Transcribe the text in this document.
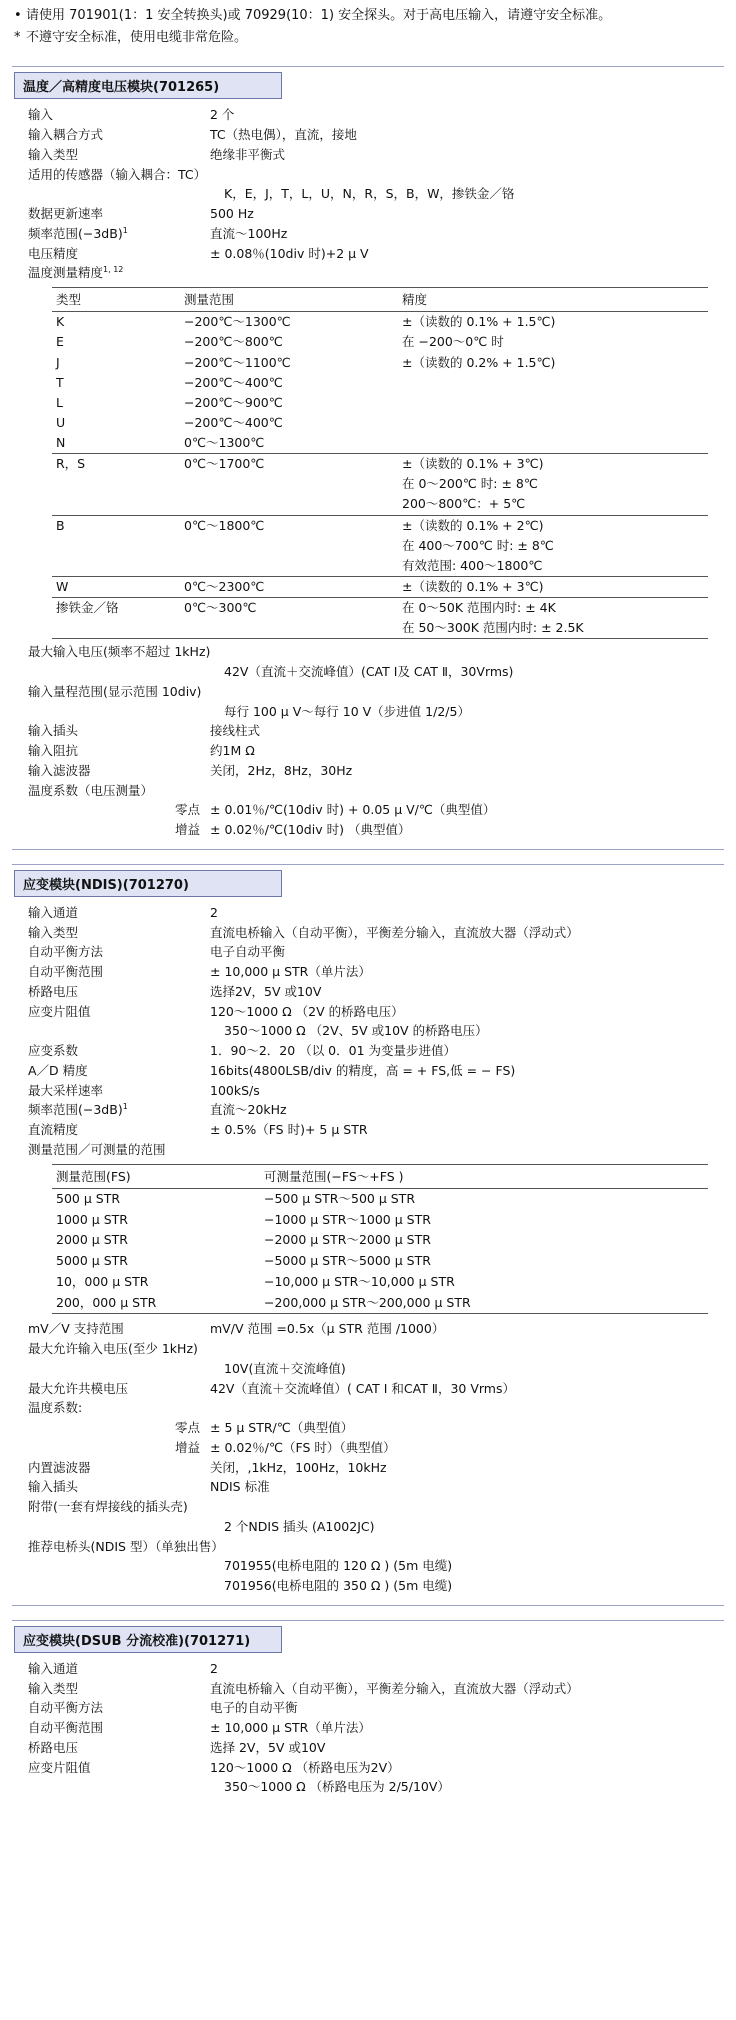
• 请使用 701901(1：1 安全转换头)或 70929(10：1) 安全探头。对于高电压输入，请遵守安全标准。
* 不遵守安全标准，使用电缆非常危险。
温度／高精度电压模块(701265)
输入	2 个
输入耦合方式	TC（热电偶），直流，接地
输入类型	绝缘非平衡式
适用的传感器（输入耦合：TC）
K，E，J，T，L，U，N，R，S，B，W，掺铁金／铬
数据更新速率	500 Hz
频率范围$(-3dB)^1$	直流～100Hz
电压精度	± 0.08％(10div 时)+2 μ V
温度测量精度$^{1, 12}$
类型	测量范围	精度
K	−200℃～1300℃	±（读数的 0.1% + 1.5℃)
E	−200℃～800℃	在 −200～0℃ 时
J	−200℃～1100℃	±（读数的 0.2% + 1.5℃)
T	−200℃～400℃	
L	−200℃～900℃	
U	−200℃～400℃	
N	0℃～1300℃	
R，S	0℃～1700℃	±（读数的 0.1% + 3℃)
		在 0～200℃ 时: ± 8℃
		200～800℃：+ 5℃
B	0℃～1800℃	±（读数的 0.1% + 2℃)
		在 400～700℃ 时: ± 8℃
		有效范围: 400～1800℃
W	0℃～2300℃	±（读数的 0.1% + 3℃)
掺铁金／铬	0℃～300℃	在 0～50K 范围内时: ± 4K
		在 50～300K 范围内时: ± 2.5K
最大输入电压(频率不超过 1kHz)
42V（直流＋交流峰值）(CAT Ⅰ及 CAT Ⅱ，30Vrms)
输入量程范围(显示范围 10div)
每行 100 μ V～每行 10 V（步进值 1/2/5）
输入插头	接线柱式
输入阻抗	约1M Ω
输入滤波器	关闭，2Hz，8Hz，30Hz
温度系数（电压测量）
零点 ± 0.01％/℃(10div 时) + 0.05 μ V/℃（典型值）
增益 ± 0.02％/℃(10div 时) （典型值）
应变模块(NDIS)(701270)
输入通道	2
输入类型	直流电桥输入（自动平衡），平衡差分输入，直流放大器（浮动式）
自动平衡方法	电子自动平衡
自动平衡范围	± 10,000 μ STR（单片法）
桥路电压	选择2V，5V 或10V
应变片阻值	120～1000 Ω （2V 的桥路电压）
350～1000 Ω （2V、5V 或10V 的桥路电压）
应变系数	1．90～2．20 （以 0．01 为变量步进值）
A／D 精度	16bits(4800LSB/div 的精度，高 = + FS,低 = − FS)
最大采样速率	100kS/s
频率范围$(-3dB)^1$	直流～20kHz
直流精度	± 0.5%（FS 时)+ 5 μ STR
测量范围／可测量的范围
测量范围(FS)	可测量范围(−FS～+FS )
500 μ STR	−500 μ STR～500 μ STR
1000 μ STR	−1000 μ STR～1000 μ STR
2000 μ STR	−2000 μ STR～2000 μ STR
5000 μ STR	−5000 μ STR～5000 μ STR
10，000 μ STR	−10,000 μ STR～10,000 μ STR
200，000 μ STR	−200,000 μ STR～200,000 μ STR
mV／V 支持范围	mV/V 范围 =0.5x（μ STR 范围 /1000）
最大允许输入电压(至少 1kHz)
10V(直流＋交流峰值)
最大允许共模电压	42V（直流＋交流峰值）( CAT Ⅰ 和CAT Ⅱ，30 Vrms）
温度系数:
零点 ± 5 μ STR/℃（典型值）
增益 ± 0.02％/℃（FS 时）（典型值）
内置滤波器	关闭，,1kHz，100Hz，10kHz
输入插头	NDIS 标准
附带(一套有焊接线的插头壳)
2 个NDIS 插头 (A1002JC)
推荐电桥头(NDIS 型）（单独出售）
701955(电桥电阻的 120 Ω ) (5m 电缆)
701956(电桥电阻的 350 Ω ) (5m 电缆)
应变模块(DSUB 分流校准)(701271)
输入通道	2
输入类型	直流电桥输入（自动平衡），平衡差分输入，直流放大器（浮动式）
自动平衡方法	电子的自动平衡
自动平衡范围	± 10,000 μ STR（单片法）
桥路电压	选择 2V，5V 或10V
应变片阻值	120～1000 Ω （桥路电压为2V）
350～1000 Ω （桥路电压为 2/5/10V）
